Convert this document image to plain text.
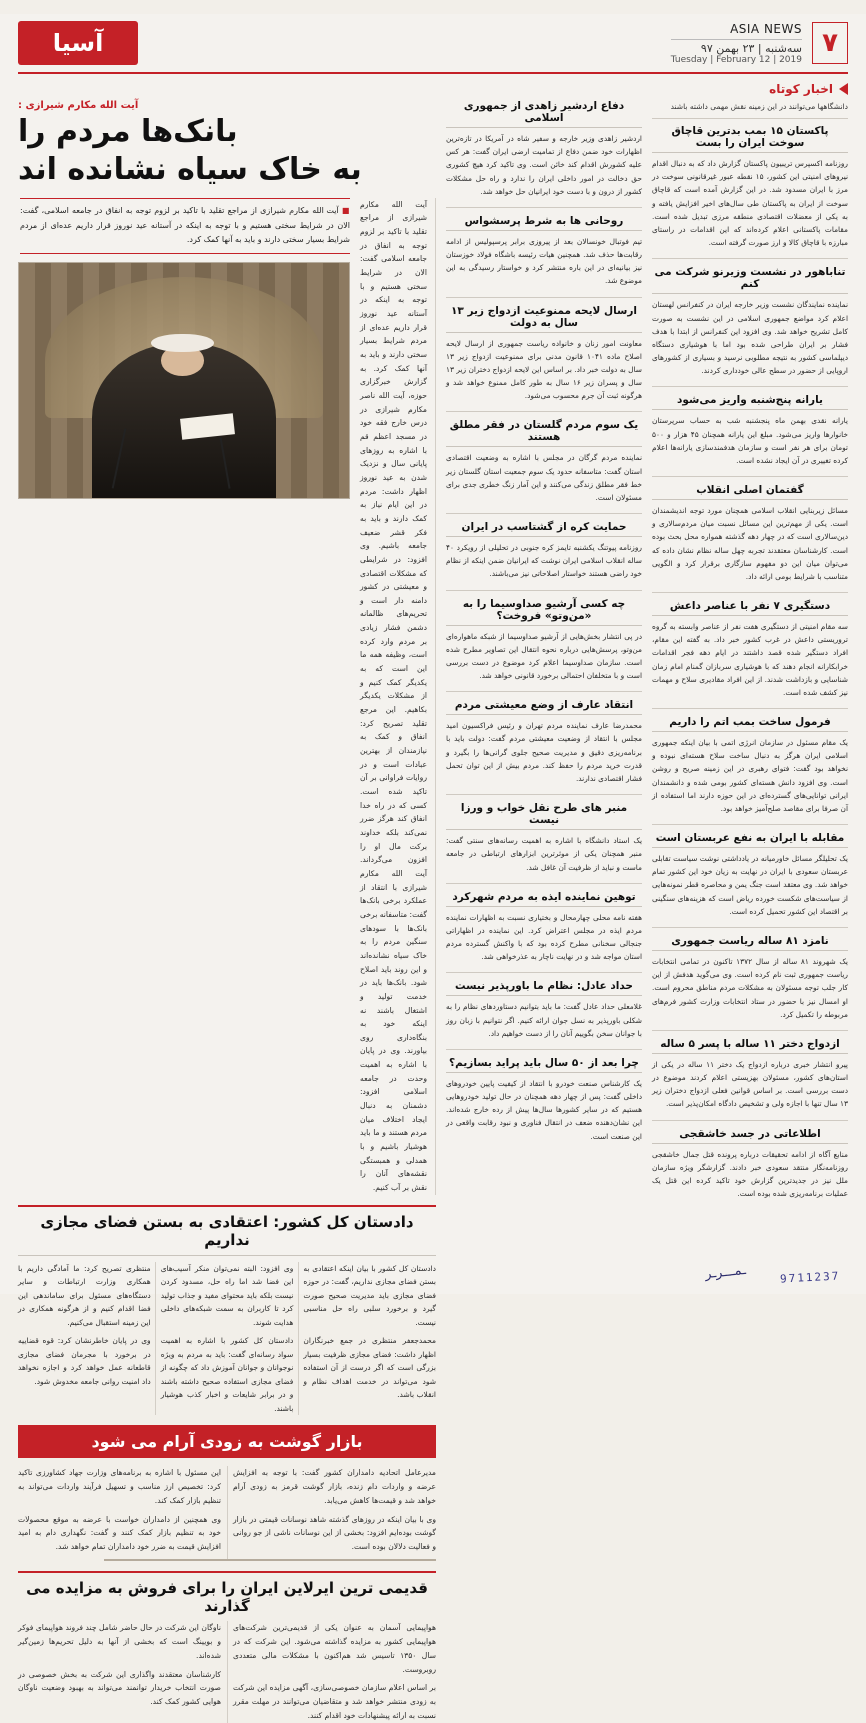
۷
ASIA NEWS
سه‌شنبه | ۲۳ بهمن ۹۷
Tuesday | February 12 | 2019
آسیا
اخبار کوتاه
دانشگاهها می‌توانند در این زمینه نقش مهمی داشته باشند
پاکستان ۱۵ بمب بدترین قاچاق سوخت ایران را بست

روزنامه اکسپرس تریبیون پاکستان گزارش داد که به دنبال اقدام نیروهای امنیتی این کشور، ۱۵ نقطه عبور غیرقانونی سوخت در مرز با ایران مسدود شد. در این گزارش آمده است که قاچاق سوخت از ایران به پاکستان طی سال‌های اخیر افزایش یافته و به یکی از معضلات اقتصادی منطقه مرزی تبدیل شده است. مقامات پاکستانی اعلام کرده‌اند که این اقدامات در راستای مبارزه با قاچاق کالا و ارز صورت گرفته است.

تناباهور در نشست وزیرنو شرکت می کنم

نماینده نمایندگان نشست وزیر خارجه ایران در کنفرانس لهستان اعلام کرد مواضع جمهوری اسلامی در این نشست به صورت کامل تشریح خواهد شد. وی افزود این کنفرانس از ابتدا با هدف فشار بر ایران طراحی شده بود اما با هوشیاری دستگاه دیپلماسی کشور به نتیجه مطلوبی نرسید و بسیاری از کشورهای اروپایی از حضور در سطح عالی خودداری کردند.

یارانه پنج‌شنبه واریز می‌شود

یارانه نقدی بهمن ماه پنجشنبه شب به حساب سرپرستان خانوارها واریز می‌شود. مبلغ این یارانه همچنان ۴۵ هزار و ۵۰۰ تومان برای هر نفر است و سازمان هدفمندسازی یارانه‌ها اعلام کرده تغییری در آن ایجاد نشده است.

گفتمان اصلی انقلاب

مسائل زیربنایی انقلاب اسلامی همچنان مورد توجه اندیشمندان است. یکی از مهم‌ترین این مسائل نسبت میان مردم‌سالاری و دین‌سالاری است که در چهار دهه گذشته همواره محل بحث بوده است. کارشناسان معتقدند تجربه چهل ساله نظام نشان داده که می‌توان میان این دو مفهوم سازگاری برقرار کرد و الگویی متناسب با شرایط بومی ارائه داد.

دستگیری ۷ نفر با عناصر داعش

سه مقام امنیتی از دستگیری هفت نفر از عناصر وابسته به گروه تروریستی داعش در غرب کشور خبر داد. به گفته این مقام، افراد دستگیر شده قصد داشتند در ایام دهه فجر اقدامات خرابکارانه انجام دهند که با هوشیاری سربازان گمنام امام زمان شناسایی و بازداشت شدند. از این افراد مقادیری سلاح و مهمات نیز کشف شده است.

فرمول ساخت بمب اتم را داریم

یک مقام مسئول در سازمان انرژی اتمی با بیان اینکه جمهوری اسلامی ایران هرگز به دنبال ساخت سلاح هسته‌ای نبوده و نخواهد بود گفت: فتوای رهبری در این زمینه صریح و روشن است. وی افزود دانش هسته‌ای کشور بومی شده و دانشمندان ایرانی توانایی‌های گسترده‌ای در این حوزه دارند اما استفاده از آن صرفا برای مقاصد صلح‌آمیز خواهد بود.

مقابله با ایران به نفع عربستان است

یک تحلیلگر مسائل خاورمیانه در یادداشتی نوشت سیاست تقابلی عربستان سعودی با ایران در نهایت به زیان خود این کشور تمام خواهد شد. وی معتقد است جنگ یمن و محاصره قطر نمونه‌هایی از سیاست‌های شکست خورده ریاض است که هزینه‌های سنگینی بر اقتصاد این کشور تحمیل کرده است.

نامزد ۸۱ ساله ریاست جمهوری

یک شهروند ۸۱ ساله از سال ۱۳۷۲ تاکنون در تمامی انتخابات ریاست جمهوری ثبت نام کرده است. وی می‌گوید هدفش از این کار جلب توجه مسئولان به مشکلات مردم مناطق محروم است. او امسال نیز با حضور در ستاد انتخابات وزارت کشور فرم‌های مربوطه را تکمیل کرد.

ازدواج دختر ۱۱ ساله با پسر ۵ ساله

پیرو انتشار خبری درباره ازدواج یک دختر ۱۱ ساله در یکی از استان‌های کشور، مسئولان بهزیستی اعلام کردند موضوع در دست بررسی است. بر اساس قوانین فعلی ازدواج دختران زیر ۱۳ سال تنها با اجازه ولی و تشخیص دادگاه امکان‌پذیر است.

اطلاعاتی در جسد خاشقجی

منابع آگاه از ادامه تحقیقات درباره پرونده قتل جمال خاشقجی روزنامه‌نگار منتقد سعودی خبر دادند. گزارشگر ویژه سازمان ملل نیز در جدیدترین گزارش خود تاکید کرده این قتل یک عملیات برنامه‌ریزی شده بوده است.

دفاع اردشیر زاهدی از جمهوری اسلامی

اردشیر زاهدی وزیر خارجه و سفیر شاه در آمریکا در تازه‌ترین اظهارات خود ضمن دفاع از تمامیت ارضی ایران گفت: هر کس علیه کشورش اقدام کند خائن است. وی تاکید کرد هیچ کشوری حق دخالت در امور داخلی ایران را ندارد و راه حل مشکلات کشور از درون و با دست خود ایرانیان حل خواهد شد.

روحانی ها به شرط پرسشواس

تیم فوتبال خونسالان بعد از پیروزی برابر پرسپولیس از ادامه رقابت‌ها حذف شد. همچنین هیات رئیسه باشگاه فولاد خوزستان نیز بیانیه‌ای در این باره منتشر کرد و خواستار رسیدگی به این موضوع شد.

ارسال لایحه ممنوعیت ازدواج زیر ۱۳ سال به دولت

معاونت امور زنان و خانواده ریاست جمهوری از ارسال لایحه اصلاح ماده ۱۰۴۱ قانون مدنی برای ممنوعیت ازدواج زیر ۱۳ سال به دولت خبر داد. بر اساس این لایحه ازدواج دختران زیر ۱۳ سال و پسران زیر ۱۶ سال به طور کامل ممنوع خواهد شد و هرگونه ثبت آن جرم محسوب می‌شود.

یک سوم مردم گلستان در فقر مطلق هستند

نماینده مردم گرگان در مجلس با اشاره به وضعیت اقتصادی استان گفت: متاسفانه حدود یک سوم جمعیت استان گلستان زیر خط فقر مطلق زندگی می‌کنند و این آمار زنگ خطری جدی برای مسئولان است.

حمایت کره از گشتاسب در ایران

روزنامه پیوتنگ یکشنبه تایمز کره جنوبی در تحلیلی از رویکرد ۴۰ ساله انقلاب اسلامی ایران نوشت که ایرانیان ضمن اینکه از نظام خود راضی هستند خواستار اصلاحاتی نیز می‌باشند.

چه کسی آرشیو صداوسیما را به «من‌وتو» فروخت؟

در پی انتشار بخش‌هایی از آرشیو صداوسیما از شبکه ماهواره‌ای من‌وتو، پرسش‌هایی درباره نحوه انتقال این تصاویر مطرح شده است. سازمان صداوسیما اعلام کرد موضوع در دست بررسی است و با متخلفان احتمالی برخورد قانونی خواهد شد.

انتقاد عارف از وضع معیشتی مردم

محمدرضا عارف نماینده مردم تهران و رئیس فراکسیون امید مجلس با انتقاد از وضعیت معیشتی مردم گفت: دولت باید با برنامه‌ریزی دقیق و مدیریت صحیح جلوی گرانی‌ها را بگیرد و قدرت خرید مردم را حفظ کند. مردم بیش از این توان تحمل فشار اقتصادی ندارند.

منبر های طرح نقل خواب و ورزا نیست

یک استاد دانشگاه با اشاره به اهمیت رسانه‌های سنتی گفت: منبر همچنان یکی از موثرترین ابزارهای ارتباطی در جامعه ماست و نباید از ظرفیت آن غافل شد.

توهین نماینده ایذه به مردم شهرکرد

هفته نامه محلی چهارمحال و بختیاری نسبت به اظهارات نماینده مردم ایذه در مجلس اعتراض کرد. این نماینده در اظهاراتی جنجالی سخنانی مطرح کرده بود که با واکنش گسترده مردم استان مواجه شد و در نهایت ناچار به عذرخواهی شد.

حداد عادل: نظام ما باورپذیر نیست

غلامعلی حداد عادل گفت: ما باید بتوانیم دستاوردهای نظام را به شکلی باورپذیر به نسل جوان ارائه کنیم. اگر نتوانیم با زبان روز با جوانان سخن بگوییم آنان را از دست خواهیم داد.

چرا بعد از ۵۰ سال باید پراید بسازیم؟

یک کارشناس صنعت خودرو با انتقاد از کیفیت پایین خودروهای داخلی گفت: پس از چهار دهه همچنان در حال تولید خودروهایی هستیم که در سایر کشورها سال‌ها پیش از رده خارج شده‌اند. این نشان‌دهنده ضعف در انتقال فناوری و نبود رقابت واقعی در این صنعت است.

آیت الله مکارم شیرازی :
بانک‌ها مردم را
به خاک سیاه نشانده اند
آیت الله مکارم شیرازی از مراجع تقلید با تاکید بر لزوم توجه به انفاق در جامعه اسلامی گفت: الان در شرایط سختی هستیم و با توجه به اینکه در آستانه عید نوروز قرار داریم عده‌ای از مردم شرایط بسیار سختی دارند و باید به آنها کمک کرد. به گزارش خبرگزاری حوزه، آیت الله ناصر مکارم شیرازی در درس خارج فقه خود در مسجد اعظم قم با اشاره به روزهای پایانی سال و نزدیک شدن به عید نوروز اظهار داشت: مردم در این ایام نیاز به کمک دارند و باید به فکر قشر ضعیف جامعه باشیم. وی افزود: در شرایطی که مشکلات اقتصادی و معیشتی در کشور دامنه دار است و تحریم‌های ظالمانه دشمن فشار زیادی بر مردم وارد کرده است، وظیفه همه ما این است که به یکدیگر کمک کنیم و از مشکلات یکدیگر بکاهیم. این مرجع تقلید تصریح کرد: انفاق و کمک به نیازمندان از بهترین عبادات است و در روایات فراوانی بر آن تاکید شده است. کسی که در راه خدا انفاق کند هرگز ضرر نمی‌کند بلکه خداوند برکت مال او را افزون می‌گرداند. آیت الله مکارم شیرازی با انتقاد از عملکرد برخی بانک‌ها گفت: متاسفانه برخی بانک‌ها با سودهای سنگین مردم را به خاک سیاه نشانده‌اند و این روند باید اصلاح شود. بانک‌ها باید در خدمت تولید و اشتغال باشند نه اینکه خود به بنگاه‌داری روی بیاورند. وی در پایان با اشاره به اهمیت وحدت در جامعه اسلامی افزود: دشمنان به دنبال ایجاد اختلاف میان مردم هستند و ما باید هوشیار باشیم و با همدلی و همبستگی نقشه‌های آنان را نقش بر آب کنیم.
■ آیت الله مکارم شیرازی از مراجع تقلید با تاکید بر لزوم توجه به انفاق در جامعه اسلامی، گفت: الان در شرایط سختی هستیم و با توجه به اینکه در آستانه عید نوروز قرار داریم عده‌ای از مردم شرایط بسیار سختی دارند و باید به آنها کمک کرد.
دادستان کل کشور: اعتقادی به بستن فضای مجازی نداریم

دادستان کل کشور با بیان اینکه اعتقادی به بستن فضای مجازی نداریم، گفت: در حوزه فضای مجازی باید مدیریت صحیح صورت گیرد و برخورد سلبی راه حل مناسبی نیست.

محمدجعفر منتظری در جمع خبرنگاران اظهار داشت: فضای مجازی ظرفیت بسیار بزرگی است که اگر درست از آن استفاده شود می‌تواند در خدمت اهداف نظام و انقلاب باشد.

وی افزود: البته نمی‌توان منکر آسیب‌های این فضا شد اما راه حل، مسدود کردن نیست بلکه باید محتوای مفید و جذاب تولید کرد تا کاربران به سمت شبکه‌های داخلی هدایت شوند.

دادستان کل کشور با اشاره به اهمیت سواد رسانه‌ای گفت: باید به مردم به ویژه نوجوانان و جوانان آموزش داد که چگونه از فضای مجازی استفاده صحیح داشته باشند و در برابر شایعات و اخبار کذب هوشیار باشند.

منتظری تصریح کرد: ما آمادگی داریم با همکاری وزارت ارتباطات و سایر دستگاه‌های مسئول برای ساماندهی این فضا اقدام کنیم و از هرگونه همکاری در این زمینه استقبال می‌کنیم.

وی در پایان خاطرنشان کرد: قوه قضاییه در برخورد با مجرمان فضای مجازی قاطعانه عمل خواهد کرد و اجازه نخواهد داد امنیت روانی جامعه مخدوش شود.

بازار گوشت به زودی آرام می شود

مدیرعامل اتحادیه دامداران کشور گفت: با توجه به افزایش عرضه و واردات دام زنده، بازار گوشت قرمز به زودی آرام خواهد شد و قیمت‌ها کاهش می‌یابد.

وی با بیان اینکه در روزهای گذشته شاهد نوسانات قیمتی در بازار گوشت بوده‌ایم افزود: بخشی از این نوسانات ناشی از جو روانی و فعالیت دلالان بوده است.

این مسئول با اشاره به برنامه‌های وزارت جهاد کشاورزی تاکید کرد: تخصیص ارز مناسب و تسهیل فرآیند واردات می‌تواند به تنظیم بازار کمک کند.

وی همچنین از دامداران خواست با عرضه به موقع محصولات خود به تنظیم بازار کمک کنند و گفت: نگهداری دام به امید افزایش قیمت به ضرر خود دامداران تمام خواهد شد.

قدیمی ترین ایرلاین ایران را برای فروش به مزایده می گذارند

هواپیمایی آسمان به عنوان یکی از قدیمی‌ترین شرکت‌های هواپیمایی کشور به مزایده گذاشته می‌شود. این شرکت که در سال ۱۳۵۰ تاسیس شد هم‌اکنون با مشکلات مالی متعددی روبروست.

بر اساس اعلام سازمان خصوصی‌سازی، آگهی مزایده این شرکت به زودی منتشر خواهد شد و متقاضیان می‌توانند در مهلت مقرر نسبت به ارائه پیشنهادات خود اقدام کنند.

ناوگان این شرکت در حال حاضر شامل چند فروند هواپیمای فوکر و بویینگ است که بخشی از آنها به دلیل تحریم‌ها زمین‌گیر شده‌اند.

کارشناسان معتقدند واگذاری این شرکت به بخش خصوصی در صورت انتخاب خریدار توانمند می‌تواند به بهبود وضعیت ناوگان هوایی کشور کمک کند.

ـمـــرـر	9711237
